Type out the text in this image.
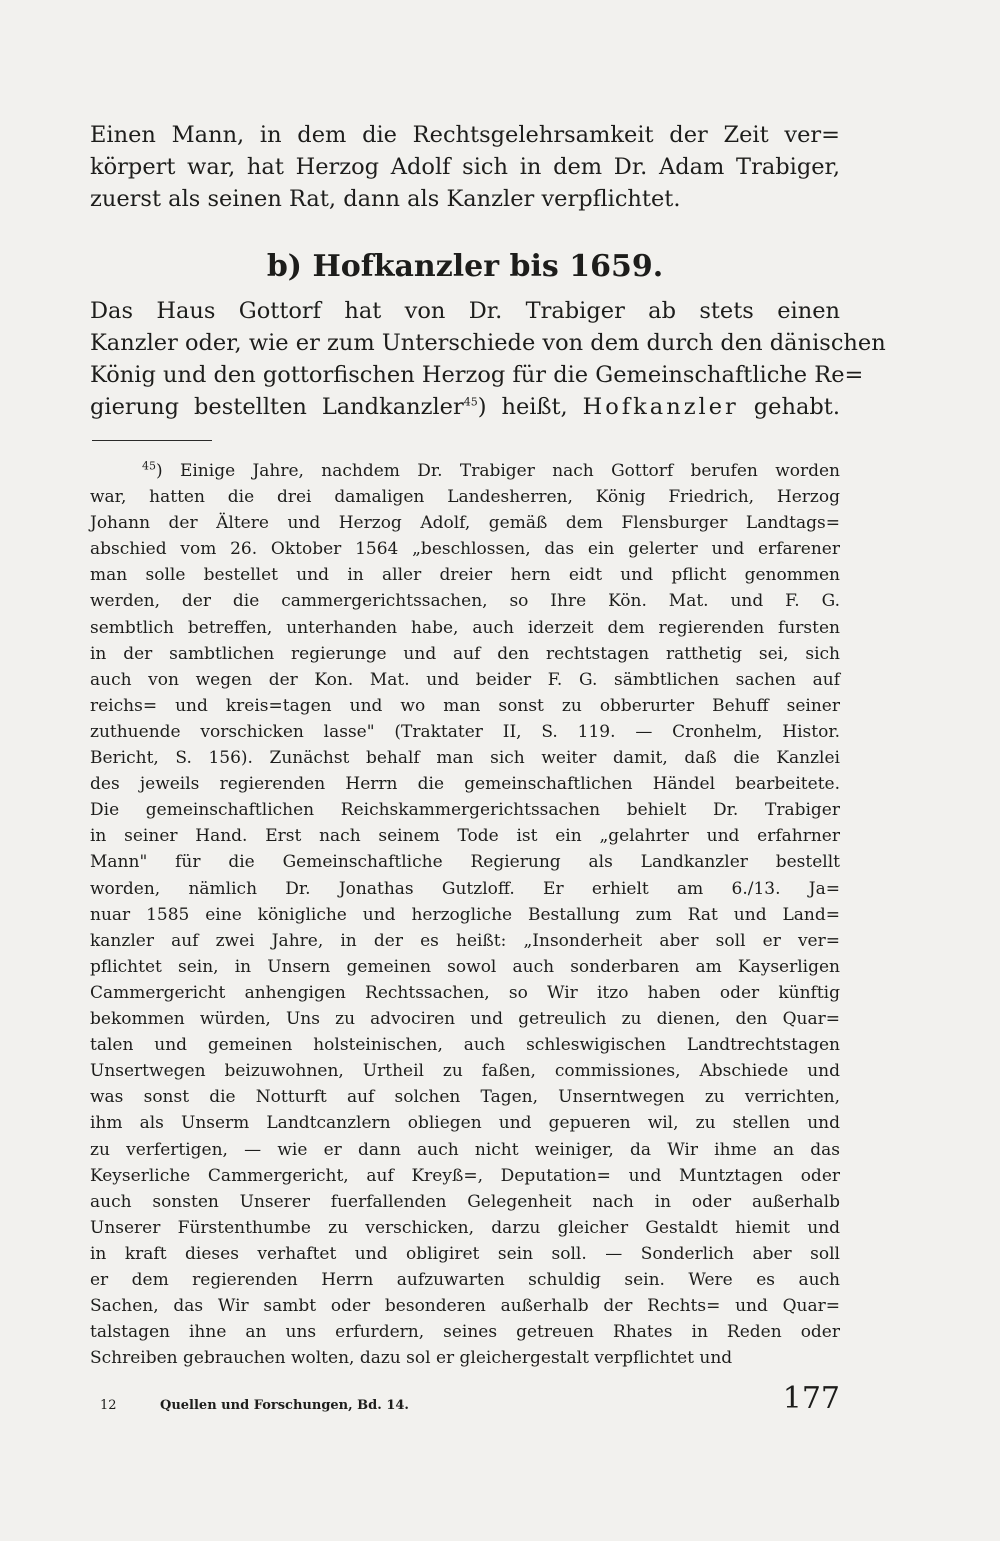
Einen Mann, in dem die Rechtsgelehrsamkeit der Zeit ver=
körpert war, hat Herzog Adolf sich in dem Dr. Adam Trabiger,
zuerst als seinen Rat, dann als Kanzler verpflichtet.
b) Hofkanzler bis 1659.
Das Haus Gottorf hat von Dr. Trabiger ab stets einen
Kanzler oder, wie er zum Unterschiede von dem durch den dänischen
König und den gottorfischen Herzog für die Gemeinschaftliche Re=
gierung bestellten Landkanzler$^{45}$) heißt, Hofkanzler gehabt.
$^{45}$) Einige Jahre, nachdem Dr. Trabiger nach Gottorf berufen worden
war, hatten die drei damaligen Landesherren, König Friedrich, Herzog
Johann der Ältere und Herzog Adolf, gemäß dem Flensburger Landtags=
abschied vom 26. Oktober 1564 „beschlossen, das ein gelerter und erfarener
man solle bestellet und in aller dreier hern eidt und pflicht genommen
werden, der die cammergerichtssachen, so Ihre Kön. Mat. und F. G.
sembtlich betreffen, unterhanden habe, auch iderzeit dem regierenden fursten
in der sambtlichen regierunge und auf den rechtstagen ratthetig sei, sich
auch von wegen der Kon. Mat. und beider F. G. sämbtlichen sachen auf
reichs= und kreis=tagen und wo man sonst zu obberurter Behuff seiner
zuthuende vorschicken lasse" (Traktater II, S. 119. — Cronhelm, Histor.
Bericht, S. 156). Zunächst behalf man sich weiter damit, daß die Kanzlei
des jeweils regierenden Herrn die gemeinschaftlichen Händel bearbeitete.
Die gemeinschaftlichen Reichskammergerichtssachen behielt Dr. Trabiger
in seiner Hand. Erst nach seinem Tode ist ein „gelahrter und erfahrner
Mann" für die Gemeinschaftliche Regierung als Landkanzler bestellt
worden, nämlich Dr. Jonathas Gutzloff. Er erhielt am 6./13. Ja=
nuar 1585 eine königliche und herzogliche Bestallung zum Rat und Land=
kanzler auf zwei Jahre, in der es heißt: „Insonderheit aber soll er ver=
pflichtet sein, in Unsern gemeinen sowol auch sonderbaren am Kayserligen
Cammergericht anhengigen Rechtssachen, so Wir itzo haben oder künftig
bekommen würden, Uns zu advociren und getreulich zu dienen, den Quar=
talen und gemeinen holsteinischen, auch schleswigischen Landtrechtstagen
Unsertwegen beizuwohnen, Urtheil zu faßen, commissiones, Abschiede und
was sonst die Notturft auf solchen Tagen, Unserntwegen zu verrichten,
ihm als Unserm Landtcanzlern obliegen und gepueren wil, zu stellen und
zu verfertigen, — wie er dann auch nicht weiniger, da Wir ihme an das
Keyserliche Cammergericht, auf Kreyß=, Deputation= und Muntztagen oder
auch sonsten Unserer fuerfallenden Gelegenheit nach in oder außerhalb
Unserer Fürstenthumbe zu verschicken, darzu gleicher Gestaldt hiemit und
in kraft dieses verhaftet und obligiret sein soll. — Sonderlich aber soll
er dem regierenden Herrn aufzuwarten schuldig sein. Were es auch
Sachen, das Wir sambt oder besonderen außerhalb der Rechts= und Quar=
talstagen ihne an uns erfurdern, seines getreuen Rhates in Reden oder
Schreiben gebrauchen wolten, dazu sol er gleichergestalt verpflichtet und
12	Quellen und Forschungen, Bd. 14.	177
